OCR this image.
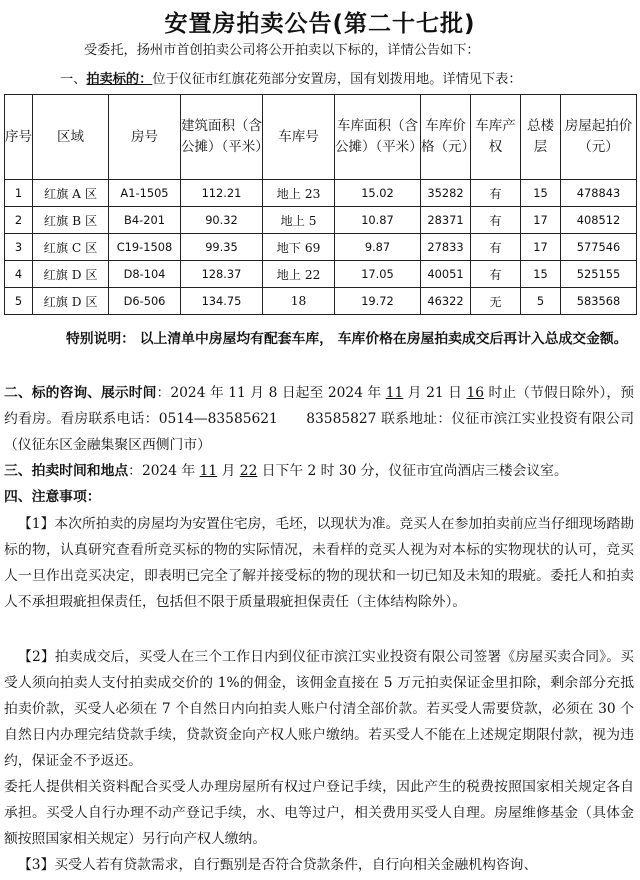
安置房拍卖公告(第二十七批)
受委托，扬州市首创拍卖公司将公开拍卖以下标的，详情公告如下：
一、拍卖标的：位于仪征市红旗花苑部分安置房，国有划拨用地。详情见下表：
序号	区域	房号	建筑面积（含公摊）（平米）	车库号	车库面积（含公摊）（平米）	车库价格（元）	车库产权	总楼层	房屋起拍价（元）
1	红旗 A 区	A1-1505	112.21	地上 23	15.02	35282	有	15	478843
2	红旗 B 区	B4-201	90.32	地上 5	10.87	28371	有	17	408512
3	红旗 C 区	C19-1508	99.35	地下 69	9.87	27833	有	17	577546
4	红旗 D 区	D8-104	128.37	地上 22	17.05	40051	有	15	525155
5	红旗 D 区	D6-506	134.75	18	19.72	46322	无	5	583568
特别说明： 以上清单中房屋均有配套车库， 车库价格在房屋拍卖成交后再计入总成交金额。
二、标的咨询、展示时间：2024 年 11 月 8 日起至 2024 年 11 月 21 日 16 时止（节假日除外），预约看房。看房联系电话：0514—83585621　　83585827 联系地址：仪征市滨江实业投资有限公司（仪征东区金融集聚区西侧门市）
三、拍卖时间和地点：2024 年 11 月 22 日下午 2 时 30 分，仪征市宜尚酒店三楼会议室。
四、注意事项：
【1】本次所拍卖的房屋均为安置住宅房，毛坯，以现状为准。竞买人在参加拍卖前应当仔细现场踏勘标的物，认真研究查看所竞买标的物的实际情况，未看样的竞买人视为对本标的实物现状的认可，竞买人一旦作出竞买决定，即表明已完全了解并接受标的物的现状和一切已知及未知的瑕疵。委托人和拍卖人不承担瑕疵担保责任，包括但不限于质量瑕疵担保责任（主体结构除外）。
【2】拍卖成交后，买受人在三个工作日内到仪征市滨江实业投资有限公司签署《房屋买卖合同》。买受人须向拍卖人支付拍卖成交价的 1%的佣金，该佣金直接在 5 万元拍卖保证金里扣除，剩余部分充抵拍卖价款，买受人必须在 7 个自然日内向拍卖人账户付清全部价款。若买受人需要贷款，必须在 30 个自然日内办理完结贷款手续，贷款资金向产权人账户缴纳。若买受人不能在上述规定期限付款，视为违约，保证金不予返还。
委托人提供相关资料配合买受人办理房屋所有权过户登记手续，因此产生的税费按照国家相关规定各自承担。买受人自行办理不动产登记手续，水、电等过户，相关费用买受人自理。房屋维修基金（具体金额按照国家相关规定）另行向产权人缴纳。
【3】买受人若有贷款需求，自行甄别是否符合贷款条件，自行向相关金融机构咨询、
